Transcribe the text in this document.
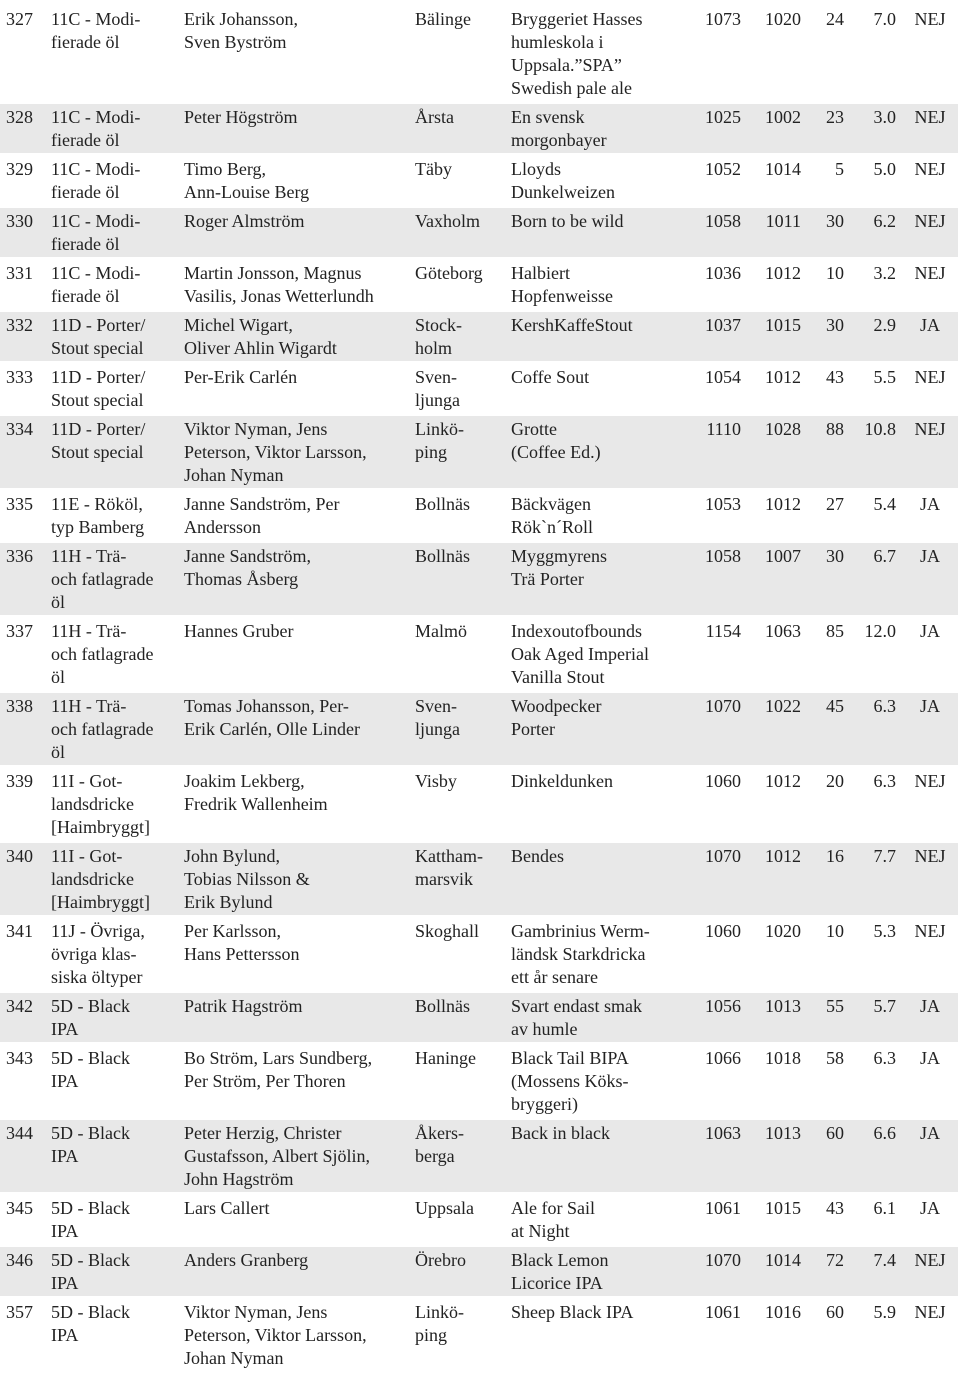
327	11C - Modi-
fierade öl	Erik Johansson,
Sven Byström	Bälinge	Bryggeriet Hasses
humleskola i
Uppsala.”SPA”
Swedish pale ale	1073	1020	24	7.0	NEJ
328	11C - Modi-
fierade öl	Peter Högström	Årsta	En svensk
morgonbayer	1025	1002	23	3.0	NEJ
329	11C - Modi-
fierade öl	Timo Berg,
Ann-Louise Berg	Täby	Lloyds
Dunkelweizen	1052	1014	5	5.0	NEJ
330	11C - Modi-
fierade öl	Roger Almström	Vaxholm	Born to be wild	1058	1011	30	6.2	NEJ
331	11C - Modi-
fierade öl	Martin Jonsson, Magnus
Vasilis, Jonas Wetterlundh	Göteborg	Halbiert
Hopfenweisse	1036	1012	10	3.2	NEJ
332	11D - Porter/
Stout special	Michel Wigart,
Oliver Ahlin Wigardt	Stock-
holm	KershKaffeStout	1037	1015	30	2.9	JA
333	11D - Porter/
Stout special	Per-Erik Carlén	Sven-
ljunga	Coffe Sout	1054	1012	43	5.5	NEJ
334	11D - Porter/
Stout special	Viktor Nyman, Jens
Peterson, Viktor Larsson,
Johan Nyman	Linkö-
ping	Grotte
(Coffee Ed.)	1110	1028	88	10.8	NEJ
335	11E - Rököl,
typ Bamberg	Janne Sandström, Per
Andersson	Bollnäs	Bäckvägen
Rök`n´Roll	1053	1012	27	5.4	JA
336	11H - Trä-
och fatlagrade
öl	Janne Sandström,
Thomas Åsberg	Bollnäs	Myggmyrens
Trä Porter	1058	1007	30	6.7	JA
337	11H - Trä-
och fatlagrade
öl	Hannes Gruber	Malmö	Indexoutofbounds
Oak Aged Imperial
Vanilla Stout	1154	1063	85	12.0	JA
338	11H - Trä-
och fatlagrade
öl	Tomas Johansson, Per-
Erik Carlén, Olle Linder	Sven-
ljunga	Woodpecker
Porter	1070	1022	45	6.3	JA
339	11I - Got-
landsdricke
[Haimbryggt]	Joakim Lekberg,
Fredrik Wallenheim	Visby	Dinkeldunken	1060	1012	20	6.3	NEJ
340	11I - Got-
landsdricke
[Haimbryggt]	John Bylund,
Tobias Nilsson &
Erik Bylund	Kattham-
marsvik	Bendes	1070	1012	16	7.7	NEJ
341	11J - Övriga,
övriga klas-
siska öltyper	Per Karlsson,
Hans Pettersson	Skoghall	Gambrinius Werm-
ländsk Starkdricka
ett år senare	1060	1020	10	5.3	NEJ
342	5D - Black
IPA	Patrik Hagström	Bollnäs	Svart endast smak
av humle	1056	1013	55	5.7	JA
343	5D - Black
IPA	Bo Ström, Lars Sundberg,
Per Ström, Per Thoren	Haninge	Black Tail BIPA
(Mossens Köks-
bryggeri)	1066	1018	58	6.3	JA
344	5D - Black
IPA	Peter Herzig, Christer
Gustafsson, Albert Sjölin,
John Hagström	Åkers-
berga	Back in black	1063	1013	60	6.6	JA
345	5D - Black
IPA	Lars Callert	Uppsala	Ale for Sail
at Night	1061	1015	43	6.1	JA
346	5D - Black
IPA	Anders Granberg	Örebro	Black Lemon
Licorice IPA	1070	1014	72	7.4	NEJ
357	5D - Black
IPA	Viktor Nyman, Jens
Peterson, Viktor Larsson,
Johan Nyman	Linkö-
ping	Sheep Black IPA	1061	1016	60	5.9	NEJ
